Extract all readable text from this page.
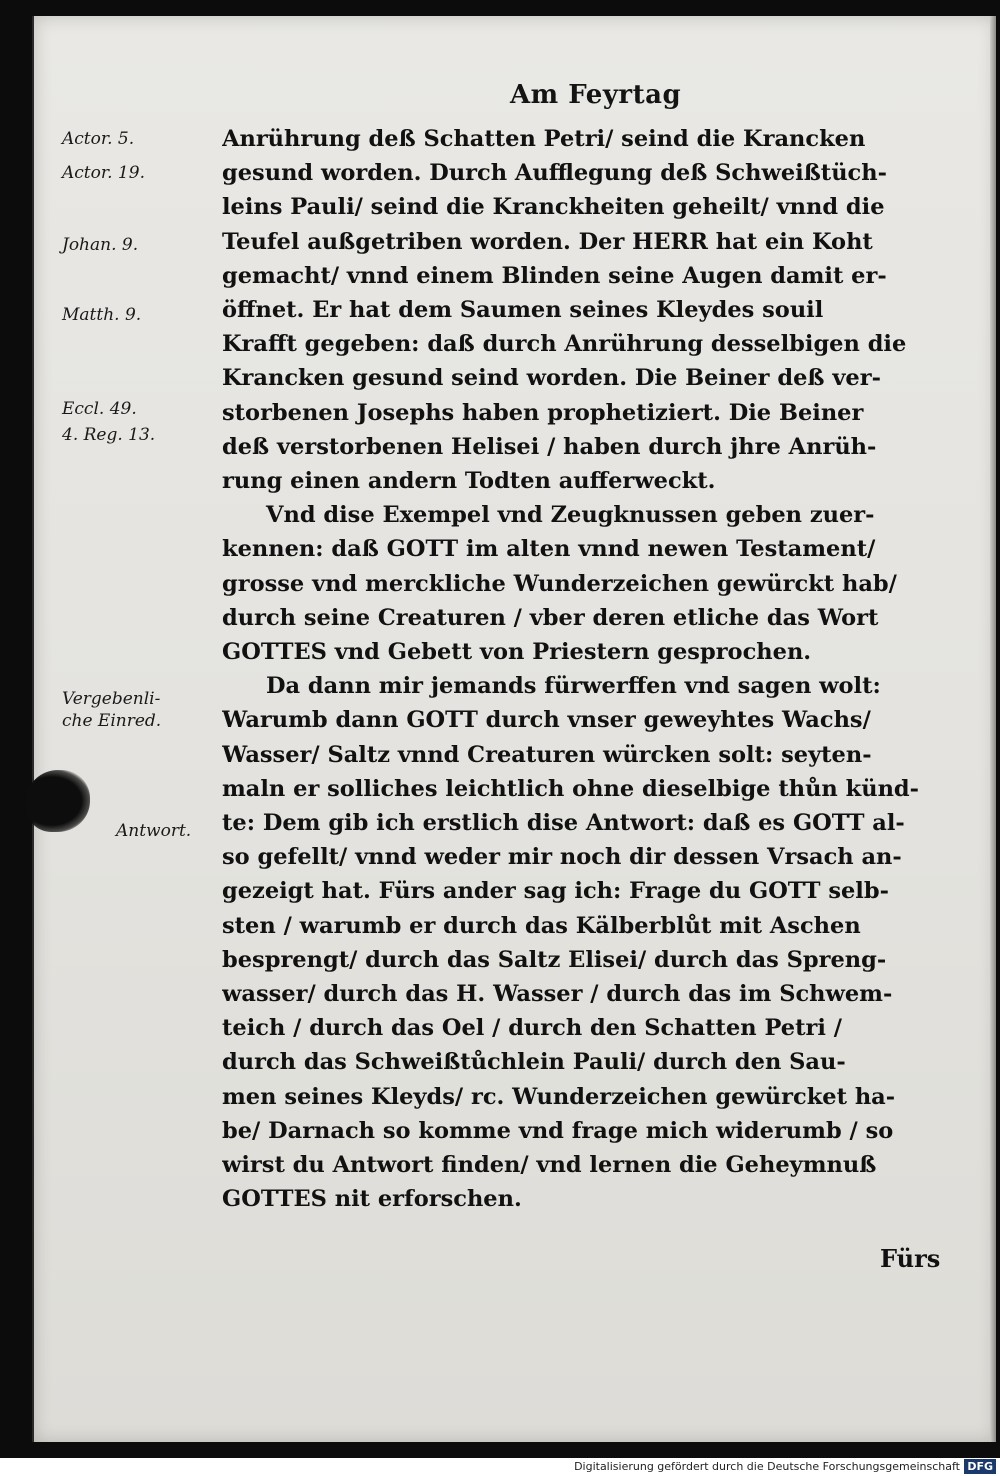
Am Feyrtag
Actor. 5.
Actor. 19.
Johan. 9.
Matth. 9.
Eccl. 49.
4. Reg. 13.
Vergebenli-
che Einred.
Antwort.
Anrührung deß Schatten Petri/ seind die Krancken
gesund worden. Durch Aufflegung deß Schweißtüch-
leins Pauli/ seind die Kranckheiten geheilt/ vnnd die
Teufel außgetriben worden. Der HERR hat ein Koht
gemacht/ vnnd einem Blinden seine Augen damit er-
öffnet. Er hat dem Saumen seines Kleydes souil
Krafft gegeben: daß durch Anrührung desselbigen die
Krancken gesund seind worden. Die Beiner deß ver-
storbenen Josephs haben prophetiziert. Die Beiner
deß verstorbenen Helisei / haben durch jhre Anrüh-
rung einen andern Todten aufferweckt.
Vnd dise Exempel vnd Zeugknussen geben zuer-
kennen: daß GOTT im alten vnnd newen Testament/
grosse vnd merckliche Wunderzeichen gewürckt hab/
durch seine Creaturen / vber deren etliche das Wort
GOTTES vnd Gebett von Priestern gesprochen.
Da dann mir jemands fürwerffen vnd sagen wolt:
Warumb dann GOTT durch vnser geweyhtes Wachs/
Wasser/ Saltz vnnd Creaturen würcken solt: seyten-
maln er solliches leichtlich ohne dieselbige thůn künd-
te: Dem gib ich erstlich dise Antwort: daß es GOTT al-
so gefellt/ vnnd weder mir noch dir dessen Vrsach an-
gezeigt hat. Fürs ander sag ich: Frage du GOTT selb-
sten / warumb er durch das Kälberblůt mit Aschen
besprengt/ durch das Saltz Elisei/ durch das Spreng-
wasser/ durch das H. Wasser / durch das im Schwem-
teich / durch das Oel / durch den Schatten Petri /
durch das Schweißtůchlein Pauli/ durch den Sau-
men seines Kleyds/ rc. Wunderzeichen gewürcket ha-
be/ Darnach so komme vnd frage mich widerumb / so
wirst du Antwort finden/ vnd lernen die Geheymnuß
GOTTES nit erforschen.
Fürs
Digitalisierung gefördert durch die Deutsche Forschungsgemeinschaft DFG
